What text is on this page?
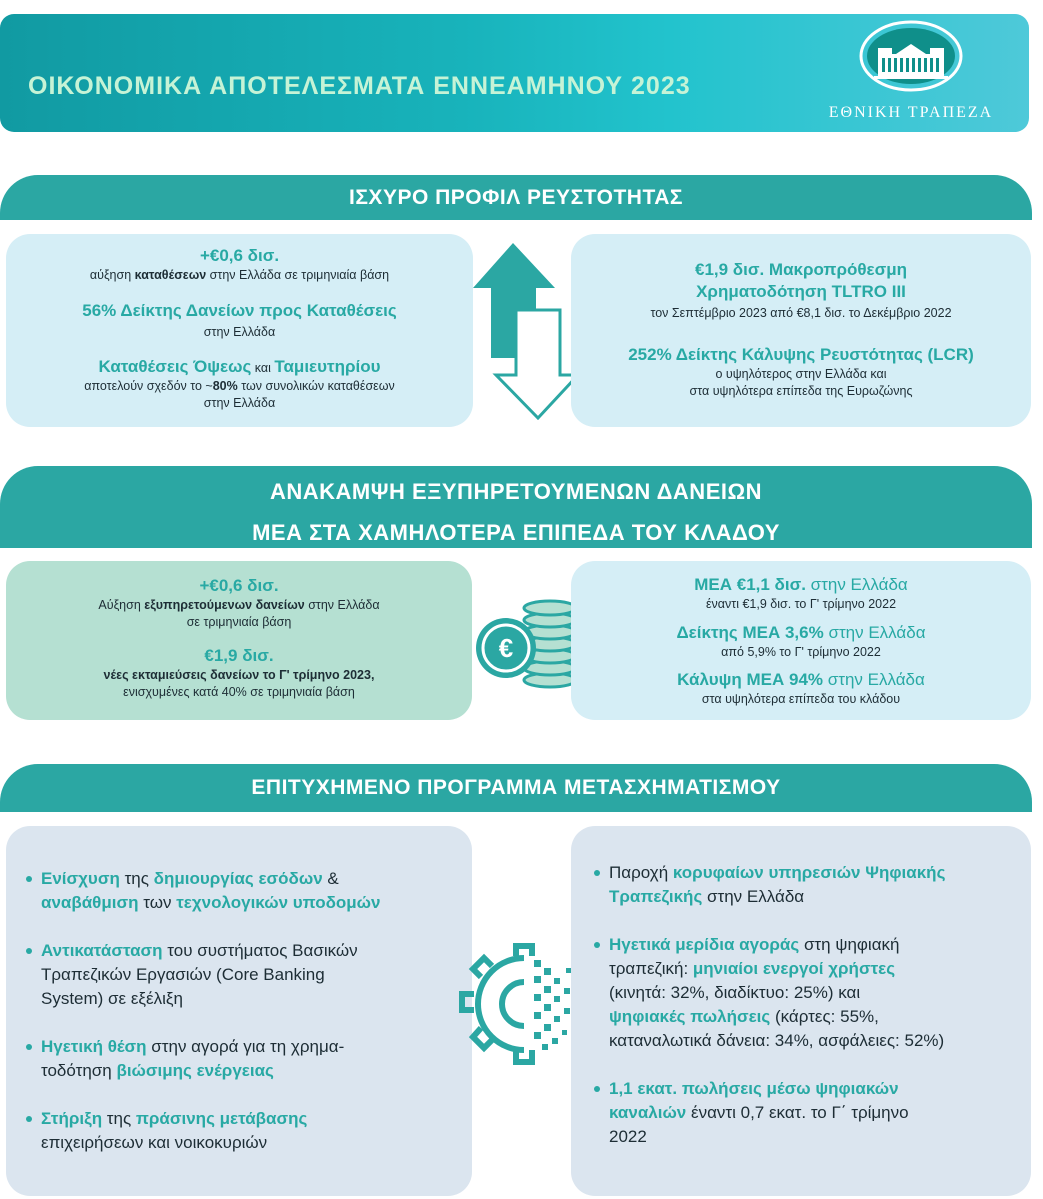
ΟΙΚΟΝΟΜΙΚΑ ΑΠΟΤΕΛΕΣΜΑΤΑ ΕΝΝΕΑΜΗΝΟΥ 2023
ΕΘΝΙΚΗ ΤΡΑΠΕΖΑ
ΙΣΧΥΡΟ ΠΡΟΦΙΛ ΡΕΥΣΤΟΤΗΤΑΣ
+€0,6 δισ.
αύξηση καταθέσεων στην Ελλάδα σε τριμηνιαία βάση
56% Δείκτης Δανείων προς Καταθέσεις
στην Ελλάδα
Καταθέσεις Όψεως και Ταμιευτηρίου
αποτελούν σχεδόν το ~80% των συνολικών καταθέσεων
στην Ελλάδα
€1,9 δισ. Μακροπρόθεσμη
Χρηματοδότηση TLTRO III
τον Σεπτέμβριο 2023 από €8,1 δισ. το Δεκέμβριο 2022
252% Δείκτης Κάλυψης Ρευστότητας (LCR)
ο υψηλότερος στην Ελλάδα και
στα υψηλότερα επίπεδα της Ευρωζώνης
ΑΝΑΚΑΜΨΗ ΕΞΥΠΗΡΕΤΟΥΜΕΝΩΝ ΔΑΝΕΙΩΝ
ΜΕΑ ΣΤΑ ΧΑΜΗΛΟΤΕΡΑ ΕΠΙΠΕΔΑ ΤΟΥ ΚΛΑΔΟΥ
+€0,6 δισ.
Αύξηση εξυπηρετούμενων δανείων στην Ελλάδα
σε τριμηνιαία βάση
€1,9 δισ.
νέες εκταμιεύσεις δανείων το Γ' τρίμηνο 2023,
ενισχυμένες κατά 40% σε τριμηνιαία βάση
€
ΜΕΑ €1,1 δισ. στην Ελλάδα
έναντι €1,9 δισ. το Γ' τρίμηνο 2022
Δείκτης ΜΕΑ 3,6% στην Ελλάδα
από 5,9% το Γ' τρίμηνο 2022
Κάλυψη ΜΕΑ 94% στην Ελλάδα
στα υψηλότερα επίπεδα του κλάδου
ΕΠΙΤΥΧΗΜΕΝΟ ΠΡΟΓΡΑΜΜΑ ΜΕΤΑΣΧΗΜΑΤΙΣΜΟΥ
Ενίσχυση της δημιουργίας εσόδων &
αναβάθμιση των τεχνολογικών υποδομών
Αντικατάσταση του συστήματος Βασικών
Τραπεζικών Εργασιών (Core Banking
System) σε εξέλιξη
Ηγετική θέση στην αγορά για τη χρημα-
τοδότηση βιώσιμης ενέργειας
Στήριξη της πράσινης μετάβασης
επιχειρήσεων και νοικοκυριών
Παροχή κορυφαίων υπηρεσιών Ψηφιακής
Τραπεζικής στην Ελλάδα
Ηγετικά μερίδια αγοράς στη ψηφιακή
τραπεζική: μηνιαίοι ενεργοί χρήστες
(κινητά: 32%, διαδίκτυο: 25%) και
ψηφιακές πωλήσεις (κάρτες: 55%,
καταναλωτικά δάνεια: 34%, ασφάλειες: 52%)
1,1 εκατ. πωλήσεις μέσω ψηφιακών
καναλιών έναντι 0,7 εκατ. το Γ΄ τρίμηνο
2022
